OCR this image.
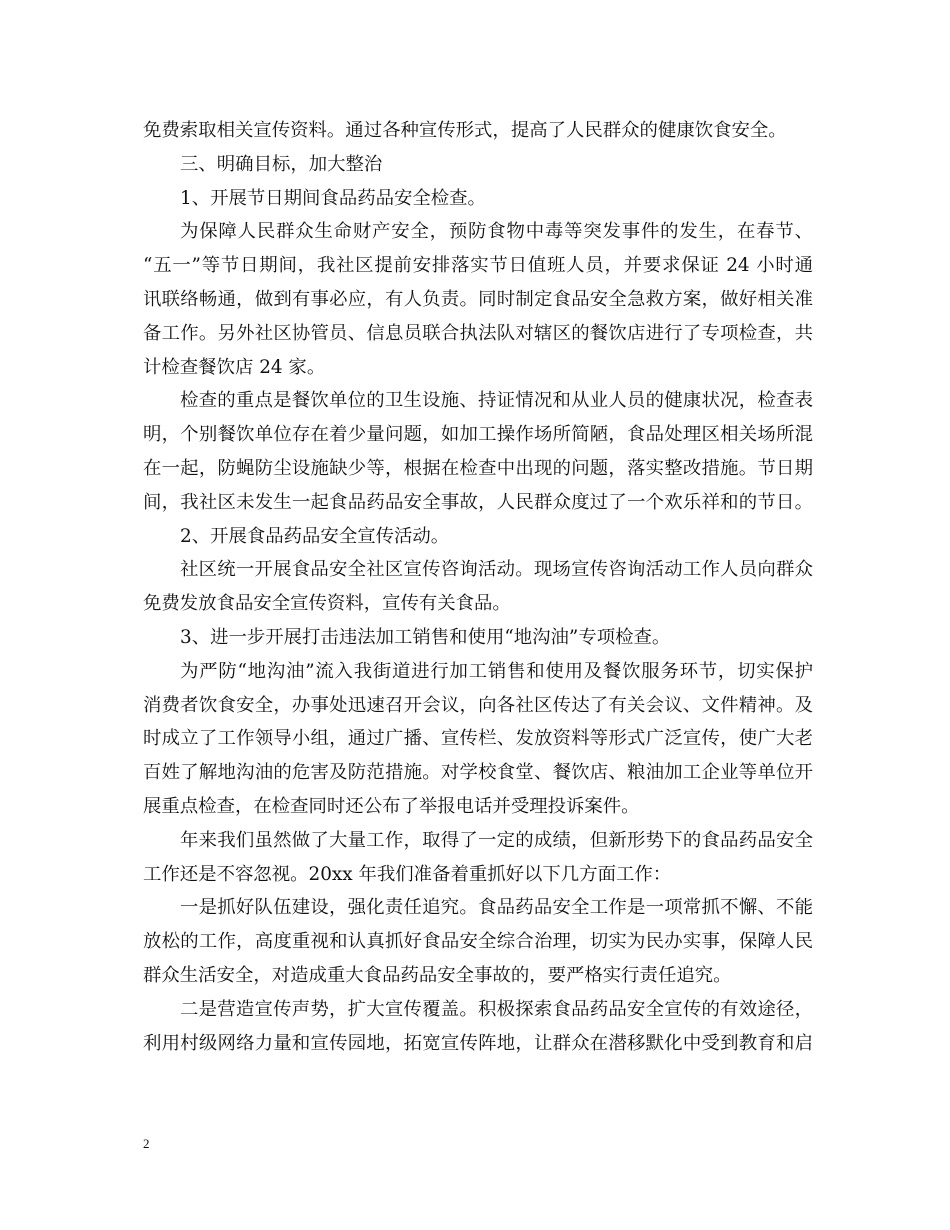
免费索取相关宣传资料。通过各种宣传形式，提高了人民群众的健康饮食安全。
三、明确目标，加大整治
1、开展节日期间食品药品安全检查。
为保障人民群众生命财产安全，预防食物中毒等突发事件的发生，在春节、
“五一”等节日期间，我社区提前安排落实节日值班人员，并要求保证 24 小时通
讯联络畅通，做到有事必应，有人负责。同时制定食品安全急救方案，做好相关准
备工作。另外社区协管员、信息员联合执法队对辖区的餐饮店进行了专项检查，共
计检查餐饮店 24 家。
检查的重点是餐饮单位的卫生设施、持证情况和从业人员的健康状况，检查表
明，个别餐饮单位存在着少量问题，如加工操作场所简陋，食品处理区相关场所混
在一起，防蝇防尘设施缺少等，根据在检查中出现的问题，落实整改措施。节日期
间，我社区未发生一起食品药品安全事故，人民群众度过了一个欢乐祥和的节日。
2、开展食品药品安全宣传活动。
社区统一开展食品安全社区宣传咨询活动。现场宣传咨询活动工作人员向群众
免费发放食品安全宣传资料，宣传有关食品。
3、进一步开展打击违法加工销售和使用“地沟油”专项检查。
为严防“地沟油”流入我街道进行加工销售和使用及餐饮服务环节，切实保护
消费者饮食安全，办事处迅速召开会议，向各社区传达了有关会议、文件精神。及
时成立了工作领导小组，通过广播、宣传栏、发放资料等形式广泛宣传，使广大老
百姓了解地沟油的危害及防范措施。对学校食堂、餐饮店、粮油加工企业等单位开
展重点检查，在检查同时还公布了举报电话并受理投诉案件。
年来我们虽然做了大量工作，取得了一定的成绩，但新形势下的食品药品安全
工作还是不容忽视。20xx 年我们准备着重抓好以下几方面工作：
一是抓好队伍建设，强化责任追究。食品药品安全工作是一项常抓不懈、不能
放松的工作，高度重视和认真抓好食品安全综合治理，切实为民办实事，保障人民
群众生活安全，对造成重大食品药品安全事故的，要严格实行责任追究。
二是营造宣传声势，扩大宣传覆盖。积极探索食品药品安全宣传的有效途径，
利用村级网络力量和宣传园地，拓宽宣传阵地，让群众在潜移默化中受到教育和启
2
